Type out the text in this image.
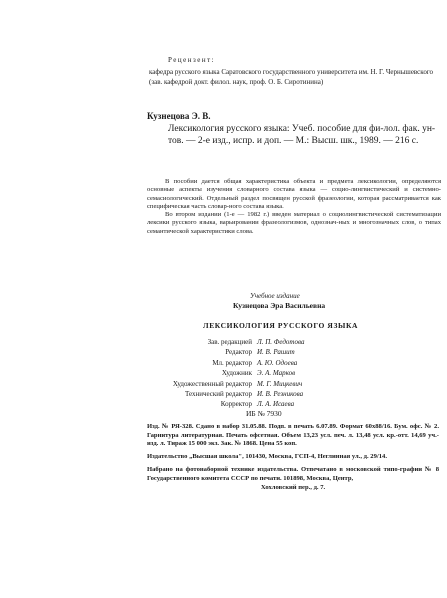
Рецензент:
кафедра русского языка Саратовского государственного университета им. Н. Г. Чернышевского (зав. кафедрой докт. филол. наук, проф. О. Б. Сиротинина)
Кузнецова Э. В.
Лексикология русского языка: Учеб. пособие для фи-лол. фак. ун-тов. — 2-е изд., испр. и доп. — М.: Высш. шк., 1989. — 216 с.

В пособии дается общая характеристика объекта и предмета лексикологии, определяются основные аспекты изучения словарного состава языка — социо-лингвистический и системно-семасиологический. Отдельный раздел посвящен русской фразеологии, которая рассматривается как специфическая часть словар-ного состава языка.

Во втором издании (1-е — 1982 г.) введен материал о социолингвистической систематизации лексики русского языка, варьировании фразеологизмов, однознач-ных и многозначных слов, о типах семантической характеристики слова.

Учебное издание
Кузнецова Эра Васильевна
ЛЕКСИКОЛОГИЯ РУССКОГО ЯЗЫКА
Зав. редакцией Л. П. Федотова
Редактор И. В. Рашит
Мл. редактор А. Ю. Одоева
Художник Э. А. Марков
Художественный редактор М. Г. Мицкевич
Технический редактор И. В. Резникова
Корректор Л. А. Исаева
ИБ № 7930

Изд. № РЯ-328. Сдано в набор 31.05.88. Подп. в печать 6.07.89. Формат 60x88/16. Бум. офс. № 2. Гарнитура литературная. Печать офсетная. Объем 13,23 усл. печ. л. 13,48 усл. кр.-отт. 14,69 уч.-изд. л. Тираж 15 000 экз. Зак. № 1868. Цена 55 коп.

Издательство „Высшая школа", 101430, Москва, ГСП-4, Неглинная ул., д. 29/14.

Набрано на фотонаборной технике издательства. Отпечатано в московской типо-графии № 8 Государственного комитета СССР по печати. 101898, Москва, Центр,

Хохловский пер., д. 7.
